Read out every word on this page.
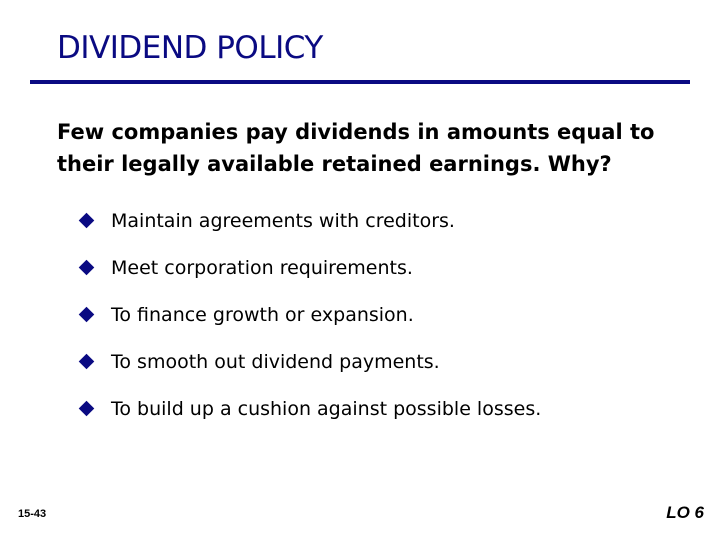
DIVIDEND POLICY
Few companies pay dividends in amounts equal to
their legally available retained earnings. Why?
Maintain agreements with creditors.
Meet corporation requirements.
To finance growth or expansion.
To smooth out dividend payments.
To build up a cushion against possible losses.
15-43	LO 6
